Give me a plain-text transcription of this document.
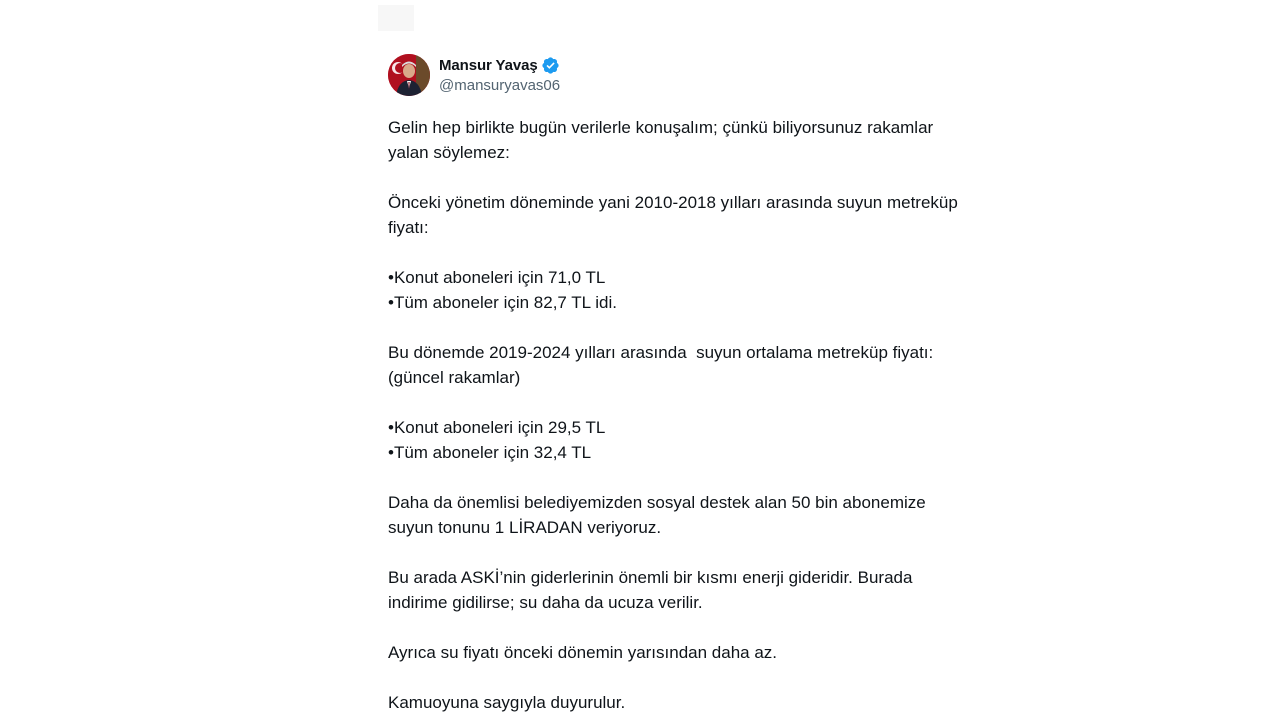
Mansur Yavaş
@mansuryavas06
Gelin hep birlikte bugün verilerle konuşalım; çünkü biliyorsunuz rakamlar
yalan söylemez:
Önceki yönetim döneminde yani 2010-2018 yılları arasında suyun metreküp
fiyatı:
•Konut aboneleri için 71,0 TL
•Tüm aboneler için 82,7 TL idi.
Bu dönemde 2019-2024 yılları arasında  suyun ortalama metreküp fiyatı:
(güncel rakamlar)
•Konut aboneleri için 29,5 TL
•Tüm aboneler için 32,4 TL
Daha da önemlisi belediyemizden sosyal destek alan 50 bin abonemize
suyun tonunu 1 LİRADAN veriyoruz.
Bu arada ASKİ’nin giderlerinin önemli bir kısmı enerji gideridir. Burada
indirime gidilirse; su daha da ucuza verilir.
Ayrıca su fiyatı önceki dönemin yarısından daha az.
Kamuoyuna saygıyla duyurulur.
